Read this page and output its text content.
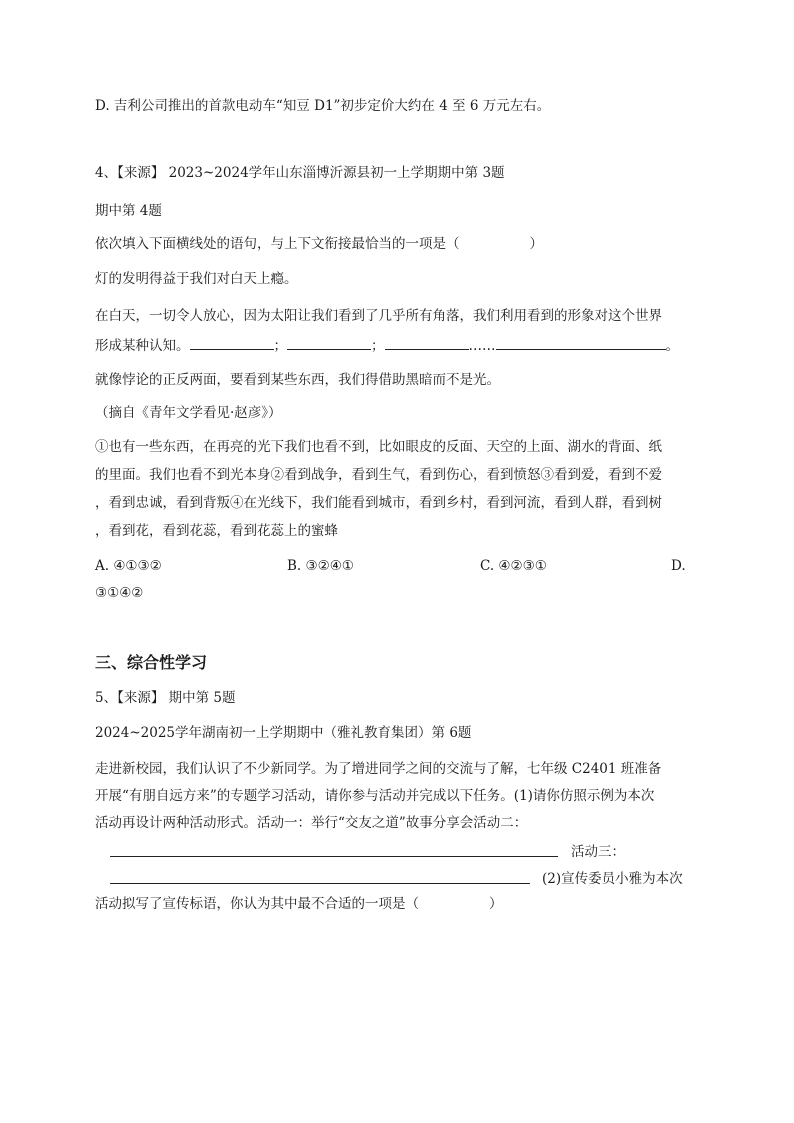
D. 吉利公司推出的首款电动车“知豆 D1”初步定价大约在 4 至 6 万元左右。
4、【来源】 2023~2024学年山东淄博沂源县初一上学期期中第 3题
期中第 4题
依次填入下面横线处的语句，与上下文衔接最恰当的一项是（	）
灯的发明得益于我们对白天上瘾。
在白天，一切令人放心，因为太阳让我们看到了几乎所有角落，我们利用看到的形象对这个世界
形成某种认知。	；	；	……	。
就像悖论的正反两面，要看到某些东西，我们得借助黑暗而不是光。
（摘自《青年文学看见·赵彦》）
①也有一些东西，在再亮的光下我们也看不到，比如眼皮的反面、天空的上面、湖水的背面、纸
的里面。我们也看不到光本身②看到战争，看到生气，看到伤心，看到愤怒③看到爱，看到不爱
，看到忠诚，看到背叛④在光线下，我们能看到城市，看到乡村，看到河流，看到人群，看到树
，看到花，看到花蕊，看到花蕊上的蜜蜂
A. ④①③②	B. ③②④①	C. ④②③①	D.
③①④②
三、综合性学习
5、【来源】 期中第 5题
2024~2025学年湖南初一上学期期中（雅礼教育集团）第 6题
走进新校园，我们认识了不少新同学。为了增进同学之间的交流与了解，七年级 C2401 班准备
开展“有朋自远方来”的专题学习活动，请你参与活动并完成以下任务。(1)请你仿照示例为本次
活动再设计两种活动形式。活动一：举行“交友之道”故事分享会活动二：
活动三：
(2)宣传委员小雅为本次
活动拟写了宣传标语，你认为其中最不合适的一项是（	）
